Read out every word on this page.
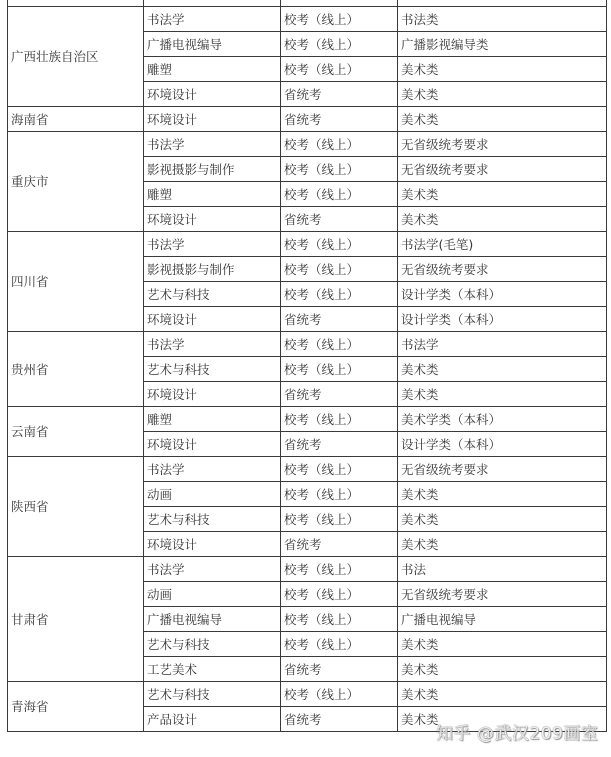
广西壮族自治区	书法学	校考（线上）	书法类
	广播电视编导	校考（线上）	广播影视编导类
	雕塑	校考（线上）	美术类
	环境设计	省统考	美术类
海南省	环境设计	省统考	美术类
重庆市	书法学	校考（线上）	无省级统考要求
	影视摄影与制作	校考（线上）	无省级统考要求
	雕塑	校考（线上）	美术类
	环境设计	省统考	美术类
四川省	书法学	校考（线上）	书法学(毛笔)
	影视摄影与制作	校考（线上）	无省级统考要求
	艺术与科技	校考（线上）	设计学类（本科）
	环境设计	省统考	设计学类（本科）
贵州省	书法学	校考（线上）	书法学
	艺术与科技	校考（线上）	美术类
	环境设计	省统考	美术类
云南省	雕塑	校考（线上）	美术学类（本科）
	环境设计	省统考	设计学类（本科）
陕西省	书法学	校考（线上）	无省级统考要求
	动画	校考（线上）	美术类
	艺术与科技	校考（线上）	美术类
	环境设计	省统考	美术类
甘肃省	书法学	校考（线上）	书法
	动画	校考（线上）	无省级统考要求
	广播电视编导	校考（线上）	广播电视编导
	艺术与科技	校考（线上）	美术类
	工艺美术	省统考	美术类
青海省	艺术与科技	校考（线上）	美术类
	产品设计	省统考	美术类
知乎 @武汉209画室
